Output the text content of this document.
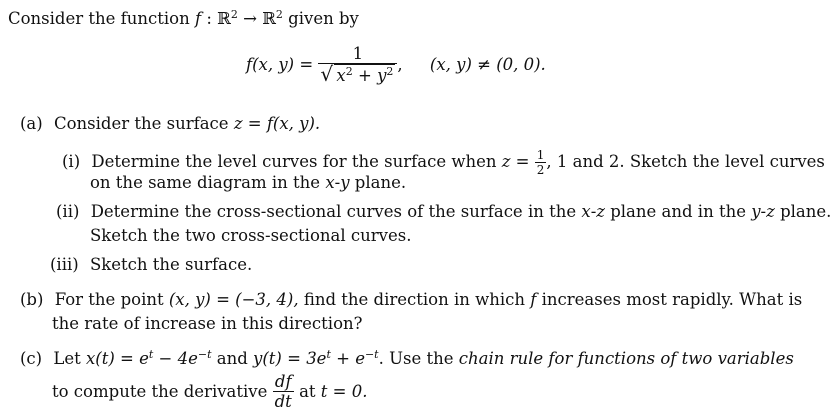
Consider the function f : ℝ$^2$ → ℝ$^2$ given by
f(x, $y) = \frac{1}{√ x^2 + y^2}$ , (x, y) ≠ (0, 0).
(a) Consider the surface z = f(x, y).
(i) Determine the level curves for the surface when $z = \frac{1}{2}$ , 1 and 2. Sketch the level curves
on the same diagram in the x-y plane.
(ii) Determine the cross-sectional curves of the surface in the x-z plane and in the y-z plane.
Sketch the two cross-sectional curves.
(iii) Sketch the surface.
(b) For the point (x, y) = (−3, 4), find the direction in which f increases most rapidly. What is
the rate of increase in this direction?
(c) Let $x(t) = e^t - 4e^{-t}$ and $y(t) = 3e^t + e^{-t}$. Use the chain rule for functions of two variables
to compute the derivative $\frac{df}{dt}$ at t = 0.
